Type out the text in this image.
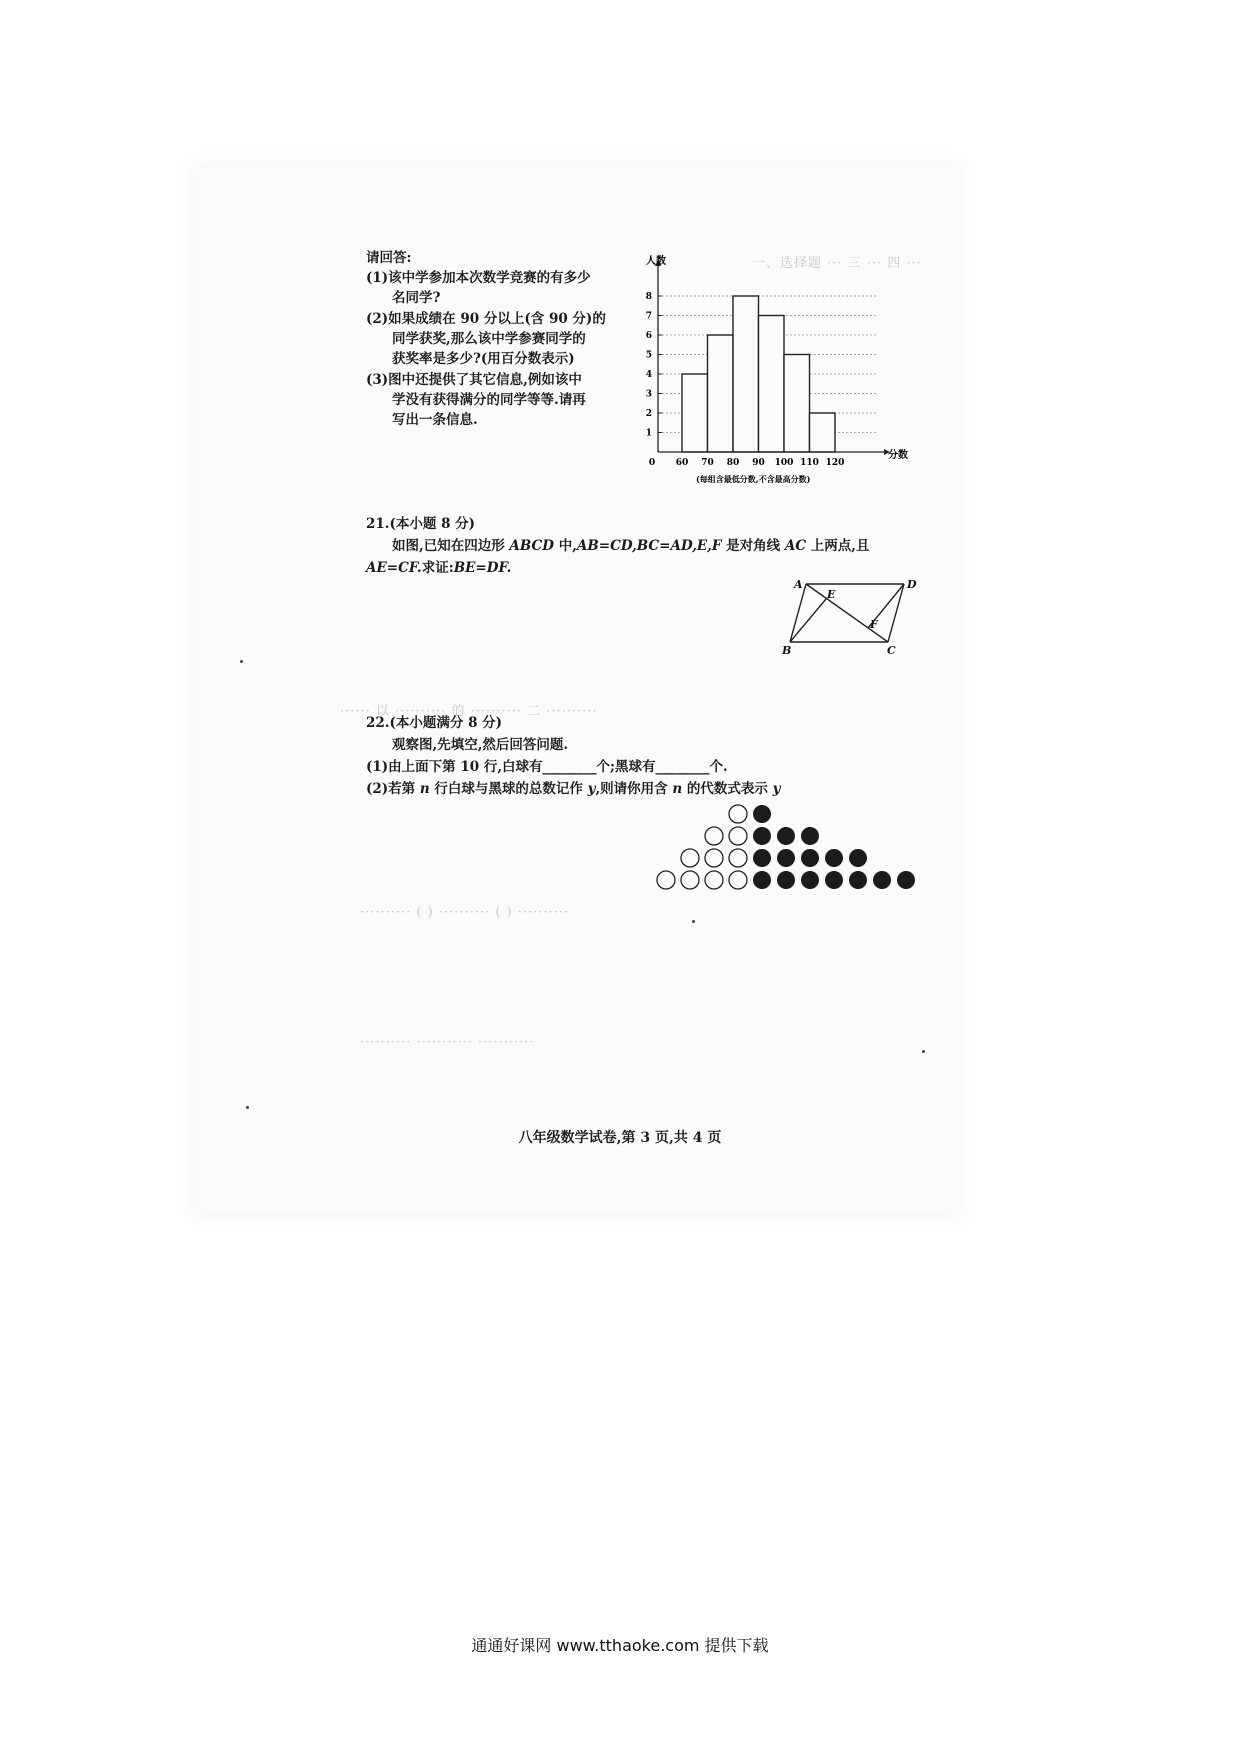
一、选择题 ··· 三 ··· 四 ···
······ 以 ·········· 的 ·········· 二 ··········
·········· ( ) ·········· ( ) ··········
·········· ··········· ···········
请回答:
(1)该中学参加本次数学竞赛的有多少
名同学?
(2)如果成绩在 90 分以上(含 90 分)的
同学获奖,那么该中学参赛同学的
获奖率是多少?(用百分数表示)
(3)图中还提供了其它信息,例如该中
学没有获得满分的同学等等.请再
写出一条信息.
1
2
3
4
5
6
7
8
0 60 70 80 90 100 110 120
人数
分数
(每组含最低分数,不含最高分数)
21.(本小题 8 分)
如图,已知在四边形 ABCD 中,AB=CD,BC=AD,E,F 是对角线 AC 上两点,且
AE=CF.求证:BE=DF.
A	D
B	C
E
F
22.(本小题满分 8 分)
观察图,先填空,然后回答问题.
(1)由上面下第 10 行,白球有________个;黑球有________个.
(2)若第 n 行白球与黑球的总数记作 y,则请你用含 n 的代数式表示 y
八年级数学试卷,第 3 页,共 4 页
通通好课网 www.tthaoke.com 提供下载
